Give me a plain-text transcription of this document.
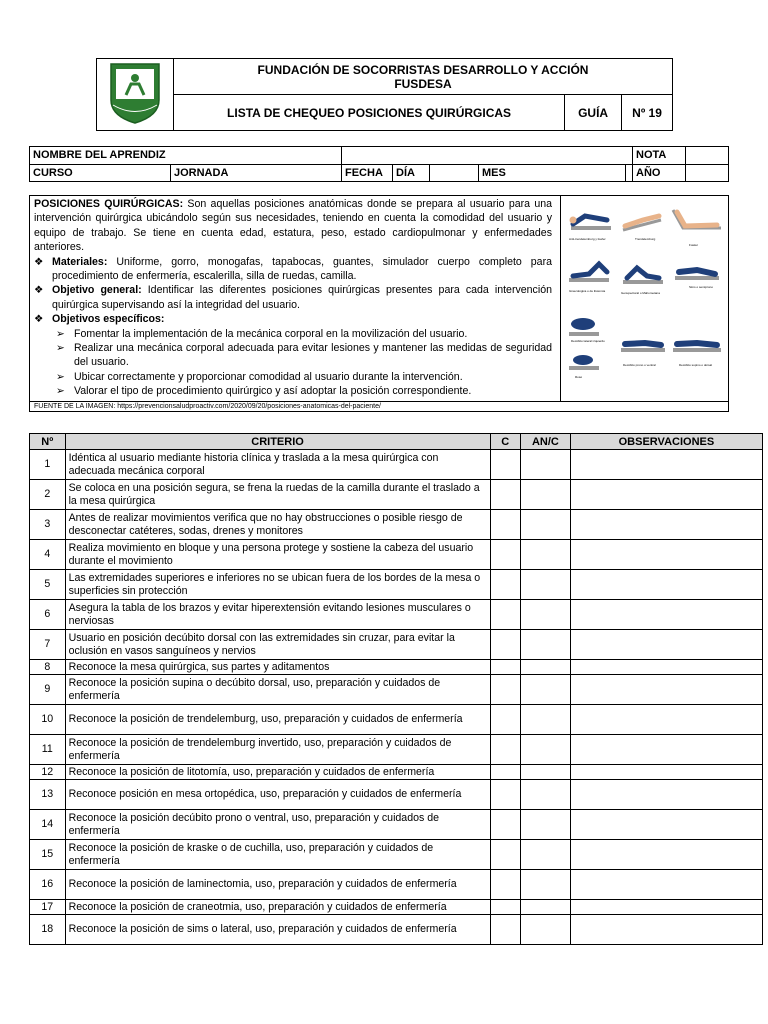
FUNDACIÓN DE SOCORRISTAS DESARROLLO Y ACCIÓN
FUSDESA		

	LISTA DE CHEQUEO POSICIONES QUIRÚRGICAS	GUÍA	Nº 19
NOMBRE DEL APRENDIZ							NOTA	
CURSO	JORNADA	FECHA	DÍA		MES		AÑO	
POSICIONES QUIRÚRGICAS: Son aquellas posiciones anatómicas donde se prepara al usuario para una intervención quirúrgica ubicándolo según sus necesidades, teniendo en cuenta la comodidad del usuario y equipo de trabajo. Se tiene en cuenta edad, estatura, peso, estado cardiopulmonar y enfermedades anteriores.
❖ Materiales: Uniforme, gorro, monogafas, tapabocas, guantes, simulador cuerpo completo para procedimiento de enfermería, escalerilla, silla de ruedas, camilla.
❖ Objetivo general: Identificar las diferentes posiciones quirúrgicas presentes para cada intervención quirúrgica supervisando así la integridad del usuario.
❖ Objetivos específicos:
➢ Fomentar la implementación de la mecánica corporal en la movilización del usuario.
➢ Realizar una mecánica corporal adecuada para evitar lesiones y mantener las medidas de seguridad del usuario.
➢ Ubicar correctamente y proporcionar comodidad al usuario durante la intervención.
➢ Valorar el tipo de procedimiento quirúrgico y así adoptar la posición correspondiente.
Anti-trendelemburg y fowler	Trendelemburg
Fowler
Ginecológica o de litotomía	Genupectoral o Mahometana
Sims o semiprono
Decúbito lateral izquierdo
Decúbito prono o ventral	Decúbito supino o dorsal
Rosé
FUENTE DE LA IMAGEN: https://prevencionsaludproactiv.com/2020/09/20/posiciones-anatomicas-del-paciente/
Nº	CRITERIO	C	AN/C	OBSERVACIONES
1	Idéntica al usuario mediante historia clínica y traslada a la mesa quirúrgica con adecuada mecánica corporal			
2	Se coloca en una posición segura, se frena la ruedas de la camilla durante el traslado a la mesa quirúrgica			
3	Antes de realizar movimientos verifica que no hay obstrucciones o posible riesgo de desconectar catéteres, sodas, drenes y monitores			
4	Realiza movimiento en bloque y una persona protege y sostiene la cabeza del usuario durante el movimiento			
5	Las extremidades superiores e inferiores no se ubican fuera de los bordes de la mesa o superficies sin protección			
6	Asegura la tabla de los brazos y evitar hiperextensión evitando lesiones musculares o nerviosas			
7	Usuario en posición decúbito dorsal con las extremidades sin cruzar, para evitar la oclusión en vasos sanguíneos y nervios			
8	Reconoce la mesa quirúrgica, sus partes y aditamentos			
9	Reconoce la posición supina o decúbito dorsal, uso, preparación y cuidados de enfermería			
10	Reconoce la posición de trendelemburg, uso, preparación y cuidados de enfermería			
11	Reconoce la posición de trendelemburg invertido, uso, preparación y cuidados de enfermería			
12	Reconoce la posición de litotomía, uso, preparación y cuidados de enfermería			
13	Reconoce posición en mesa ortopédica, uso, preparación y cuidados de enfermería			
14	Reconoce la posición decúbito prono o ventral, uso, preparación y cuidados de enfermería			
15	Reconoce la posición de kraske o de cuchilla, uso, preparación y cuidados de enfermería			
16	Reconoce la posición de laminectomia, uso, preparación y cuidados de enfermería			
17	Reconoce la posición de craneotmia, uso, preparación y cuidados de enfermería			
18	Reconoce la posición de sims o lateral, uso, preparación y cuidados de enfermería			
